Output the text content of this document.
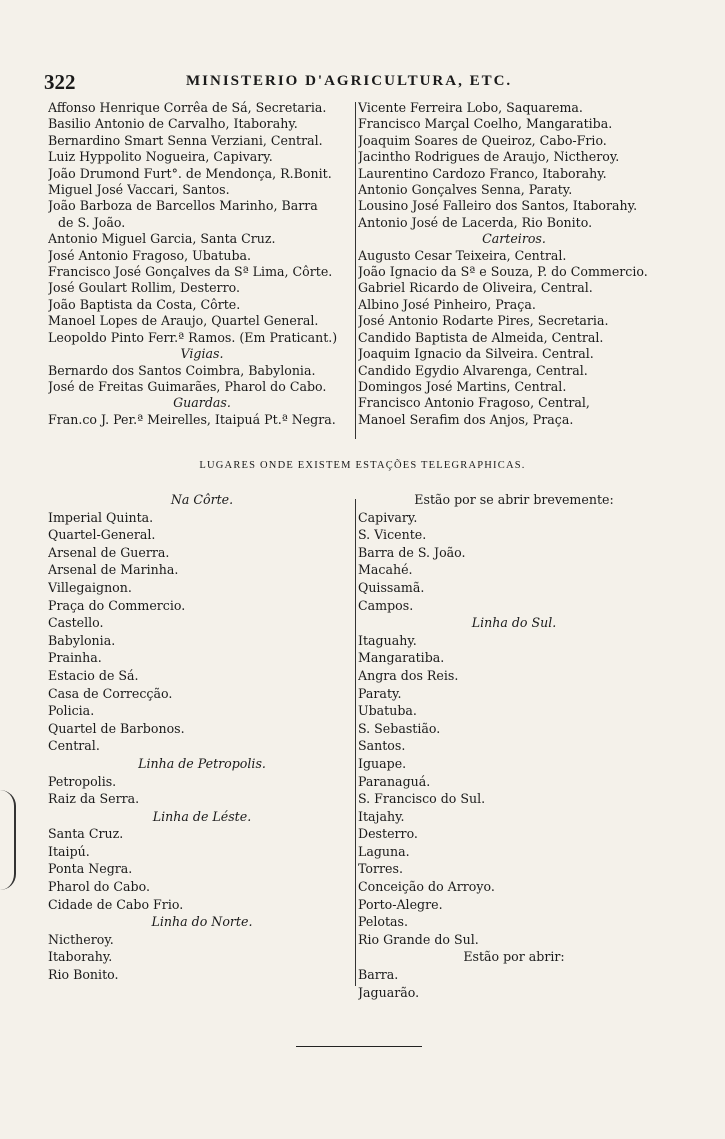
322	MINISTERIO D'AGRICULTURA, ETC.
Affonso Henrique Corrêa de Sá, Secretaria.
Basilio Antonio de Carvalho, Itaborahy.
Bernardino Smart Senna Verziani, Central.
Luiz Hyppolito Nogueira, Capivary.
João Drumond Furt°. de Mendonça, R.Bonit.
Miguel José Vaccari, Santos.
João Barboza de Barcellos Marinho, Barra
de S. João.
Antonio Miguel Garcia, Santa Cruz.
José Antonio Fragoso, Ubatuba.
Francisco José Gonçalves da Sª Lima, Côrte.
José Goulart Rollim, Desterro.
João Baptista da Costa, Côrte.
Manoel Lopes de Araujo, Quartel General.
Leopoldo Pinto Ferr.ª Ramos. (Em Praticant.)
Vigias.
Bernardo dos Santos Coimbra, Babylonia.
José de Freitas Guimarães, Pharol do Cabo.
Guardas.
Fran.co J. Per.ª Meirelles, Itaipuá Pt.ª Negra.
Vicente Ferreira Lobo, Saquarema.
Francisco Marçal Coelho, Mangaratiba.
Joaquim Soares de Queiroz, Cabo-Frio.
Jacintho Rodrigues de Araujo, Nictheroy.
Laurentino Cardozo Franco, Itaborahy.
Antonio Gonçalves Senna, Paraty.
Lousino José Falleiro dos Santos, Itaborahy.
Antonio José de Lacerda, Rio Bonito.
Carteiros.
Augusto Cesar Teixeira, Central.
João Ignacio da Sª e Souza, P. do Commercio.
Gabriel Ricardo de Oliveira, Central.
Albino José Pinheiro, Praça.
José Antonio Rodarte Pires, Secretaria.
Candido Baptista de Almeida, Central.
Joaquim Ignacio da Silveira. Central.
Candido Egydio Alvarenga, Central.
Domingos José Martins, Central.
Francisco Antonio Fragoso, Central,
Manoel Serafim dos Anjos, Praça.
LUGARES ONDE EXISTEM ESTAÇÕES TELEGRAPHICAS.
Na Côrte.
Imperial Quinta.
Quartel-General.
Arsenal de Guerra.
Arsenal de Marinha.
Villegaignon.
Praça do Commercio.
Castello.
Babylonia.
Prainha.
Estacio de Sá.
Casa de Correcção.
Policia.
Quartel de Barbonos.
Central.
Linha de Petropolis.
Petropolis.
Raiz da Serra.
Linha de Léste.
Santa Cruz.
Itaipú.
Ponta Negra.
Pharol do Cabo.
Cidade de Cabo Frio.
Linha do Norte.
Nictheroy.
Itaborahy.
Rio Bonito.
Estão por se abrir brevemente:
Capivary.
S. Vicente.
Barra de S. João.
Macahé.
Quissamã.
Campos.
Linha do Sul.
Itaguahy.
Mangaratiba.
Angra dos Reis.
Paraty.
Ubatuba.
S. Sebastião.
Santos.
Iguape.
Paranaguá.
S. Francisco do Sul.
Itajahy.
Desterro.
Laguna.
Torres.
Conceição do Arroyo.
Porto-Alegre.
Pelotas.
Rio Grande do Sul.
Estão por abrir:
Barra.
Jaguarão.
